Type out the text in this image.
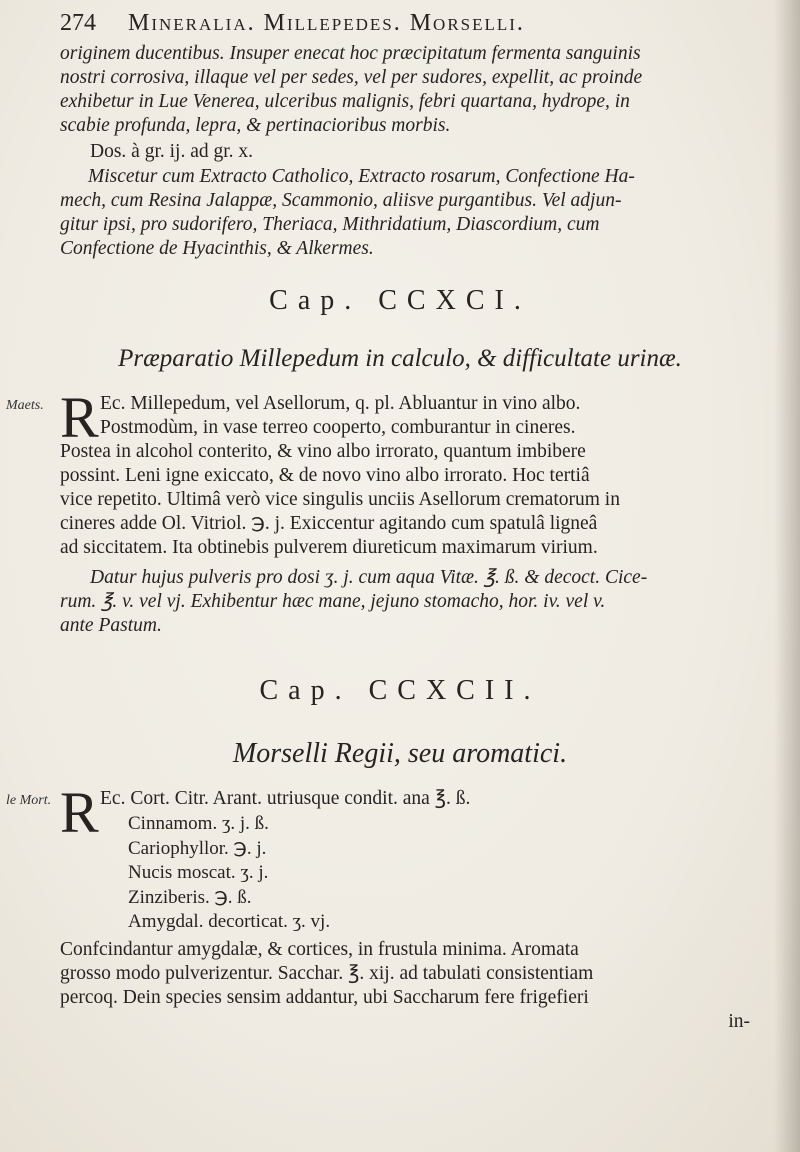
274 Mineralia. Millepedes. Morselli.
originem ducentibus. Insuper enecat hoc præcipitatum fermenta sanguinis
nostri corrosiva, illaque vel per sedes, vel per sudores, expellit, ac proinde
exhibetur in Lue Venerea, ulceribus malignis, febri quartana, hydrope, in
scabie profunda, lepra, & pertinacioribus morbis.
Dos. à gr. ij. ad gr. x.
Miscetur cum Extracto Catholico, Extracto rosarum, Confectione Ha-
mech, cum Resina Jalappæ, Scammonio, aliisve purgantibus. Vel adjun-
gitur ipsi, pro sudorifero, Theriaca, Mithridatium, Diascordium, cum
Confectione de Hyacinthis, & Alkermes.
Cap. CCXCI.
Præparatio Millepedum in calculo, & difficultate urinæ.
Maets. R Ec. Millepedum, vel Asellorum, q. pl. Abluantur in vino albo.
Postmodùm, in vase terreo cooperto, comburantur in cineres.
Postea in alcohol conterito, & vino albo irrorato, quantum imbibere
possint. Leni igne exiccato, & de novo vino albo irrorato. Hoc tertiâ
vice repetito. Ultimâ verò vice singulis unciis Asellorum crematorum in
cineres adde Ol. Vitriol. ℈. j. Exiccentur agitando cum spatulâ ligneâ
ad siccitatem. Ita obtinebis pulverem diureticum maximarum virium.
Datur hujus pulveris pro dosi ʒ. j. cum aqua Vitæ. ℥. ß. & decoct. Cice-
rum. ℥. v. vel vj. Exhibentur hæc mane, jejuno stomacho, hor. iv. vel v.
ante Pastum.
Cap. CCXCII.
Morselli Regii, seu aromatici.
le Mort. R Ec. Cort. Citr. Arant. utriusque condit. ana ℥. ß.
Cinnamom. ʒ. j. ß.
Cariophyllor. ℈. j.
Nucis moscat. ʒ. j.
Zinziberis. ℈. ß.
Amygdal. decorticat. ʒ. vj.
Confcindantur amygdalæ, & cortices, in frustula minima. Aromata
grosso modo pulverizentur. Sacchar. ℥. xij. ad tabulati consistentiam
percoq. Dein species sensim addantur, ubi Saccharum fere frigefieri
in-
